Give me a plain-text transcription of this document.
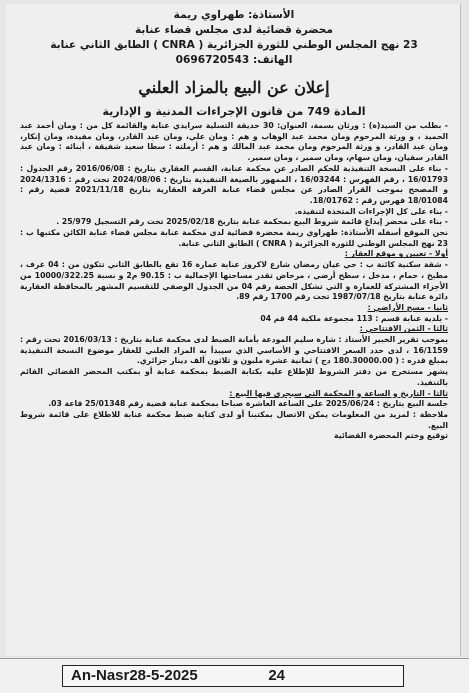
الأستاذة: طهراوي ريمة
محضرة قضائية لدى مجلس قضاء عنابة
23 نهج المجلس الوطني للثورة الجزائرية ( CNRA ) الطابق الثاني عنابة
الهاتف: 0696720543
إعلان عن البيع بالمزاد العلني
المادة 749 من قانون الإجراءات المدنية و الإدارية

- بطلب من السيد(ة) : ورثان بسمة، العنوان: 30 حديقة التسلية سرايدي عنابة والقائمة كل من : ومان أحمد عبد الحميد ، و ورثة المرحوم ومان محمد عبد الوهاب و هم : ومان علي، ومان عبد القادر، ومان مفيدة، ومان إنكار، ومان عبد القادر، و ورثة المرحوم ومان محمد عبد المالك و هم : أرملته : سطا سعيد شفيقة ، أبنائه : ومان عبد القادر سفيان، ومان سهام، ومان سمير ، ومان سمير.

- بناء على النسخة التنفيذية للحكم الصادر عن محكمة عنابة، القسم العقاري بتاريخ : 2016/06/08 رقم الجدول : 16/01793 ، رقم الفهرس : 16/03244 ، الممهور بالصيغة التنفيذية بتاريخ : 2024/08/06 تحت رقم : 2024/1316 و المصحح بموجب القرار الصادر عن مجلس قضاء عنابة الغرفة العقارية بتاريخ 2021/11/18 قضية رقم : 18/01084 فهرس رقم : 18/01762.

- بناء على كل الإجراءات المتخذة لتنفيذه.

- بناء على محضر إيداع قائمة شروط البيع بمحكمة عنابة بتاريخ 2025/02/18 تحت رقم التسجيل 25/979 .

نحن الموقع أسفله الأستاذة: طهراوي ريمة محضرة قضائية لدى محكمة عنابة مجلس قضاء عنابة الكائن مكتبها ب : 23 نهج المجلس الوطني للثورة الجزائرية ( CNRA ) الطابق الثاني عنابة.

أولا - تعيين و موقع العقار :

- شقة سكنية كائنة ب : حي عيان رمضان شارع لاكروز عنابة عمارة 16 تقع بالطابق الثاني تتكون من : 04 غرف ، مطبخ ، حمام ، مدخل ، سطح أرضي ، مرحاض تقدر مساحتها الإجمالية ب : 90.15 م2 و نسبة 10000/322.25 من الأجزاء المشتركة للعمارة و التي تشكل الحصة رقم 04 من الجدول الوصفي للتقسيم المشهر بالمحافظة العقارية دائرة عنابة بتاريخ 1987/07/18 تحت رقم 1700 رقم 89.

ثانيا - مسح الأراضي :

- بلدية عنابة قسم : 113 مجموعة ملكية 44 قم 04

ثالثا - الثمن الافتتاحي :

بموجب تقرير الخبير الأستاذ : شارة سليم المودعة بأمانة الضبط لدى محكمة عنابة بتاريخ : 2016/03/13 تحت رقم : 16/1159 ، لدى حدد السعر الافتتاحي و الأساسي الذي سيبدأ به المزاد العلني للعقار موضوع النسخة التنفيذية بمبلغ قدره : ( 180.30000.00 دج ) ثمانية عشرة مليون و ثلاثون ألف دينار جزائري.

يشهر مستخرج من دفتر الشروط للإطلاع عليه بكتابة الضبط بمحكمة عنابة أو بمكتب المحضر القضائي القائم بالتنفيذ.

ثالثا - التاريخ و الساعة و المحكمة التي سيجري فيها البيع :

جلسة البيع بتاريخ : 2025/06/24 على الساعة العاشرة صباحا بمحكمة عنابة قضية رقم 25/01348 قاعة 03.

ملاحظة : لمزيد من المعلومات يمكن الاتصال بمكتبنا أو لدى كتابة ضبط محكمة عنابة للاطلاع على قائمة شروط البيع.

توقيع وختم المحضرة القضائية

An-Nasr28-5-2025	24
